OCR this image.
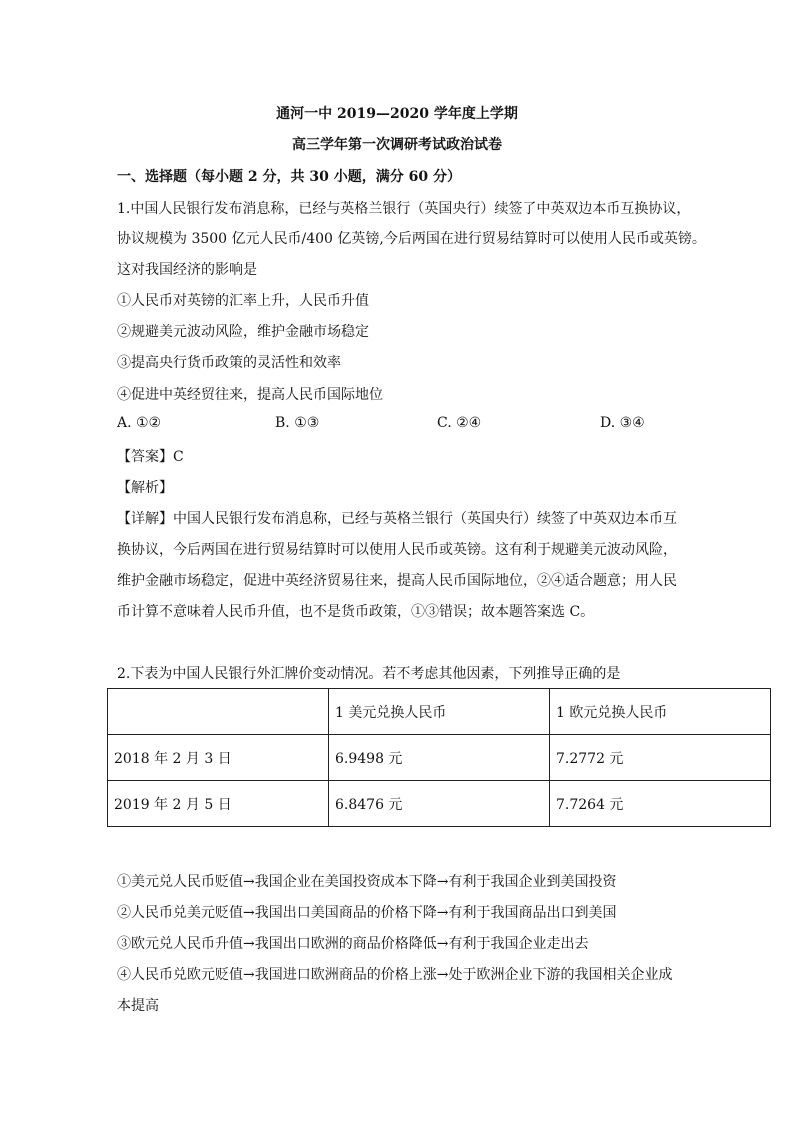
通河一中 2019—2020 学年度上学期
高三学年第一次调研考试政治试卷
一、选择题（每小题 2 分，共 30 小题，满分 60 分）
1.中国人民银行发布消息称，已经与英格兰银行（英国央行）续签了中英双边本币互换协议，
协议规模为 3500 亿元人民币/400 亿英镑,今后两国在进行贸易结算时可以使用人民币或英镑。
这对我国经济的影响是
①人民币对英镑的汇率上升，人民币升值
②规避美元波动风险，维护金融市场稳定
③提高央行货币政策的灵活性和效率
④促进中英经贸往来，提高人民币国际地位
A. ①②	B. ①③	C. ②④	D. ③④
【答案】C
【解析】
【详解】中国人民银行发布消息称，已经与英格兰银行（英国央行）续签了中英双边本币互
换协议，今后两国在进行贸易结算时可以使用人民币或英镑。这有利于规避美元波动风险，
维护金融市场稳定，促进中英经济贸易往来，提高人民币国际地位，②④适合题意；用人民
币计算不意味着人民币升值，也不是货币政策，①③错误；故本题答案选 C。
2.下表为中国人民银行外汇牌价变动情况。若不考虑其他因素，下列推导正确的是
	1 美元兑换人民币	1 欧元兑换人民币
2018 年 2 月 3 日	6.9498 元	7.2772 元
2019 年 2 月 5 日	6.8476 元	7.7264 元
①美元兑人民币贬值→我国企业在美国投资成本下降→有利于我国企业到美国投资
②人民币兑美元贬值→我国出口美国商品的价格下降→有利于我国商品出口到美国
③欧元兑人民币升值→我国出口欧洲的商品价格降低→有利于我国企业走出去
④人民币兑欧元贬值→我国进口欧洲商品的价格上涨→处于欧洲企业下游的我国相关企业成
本提高
